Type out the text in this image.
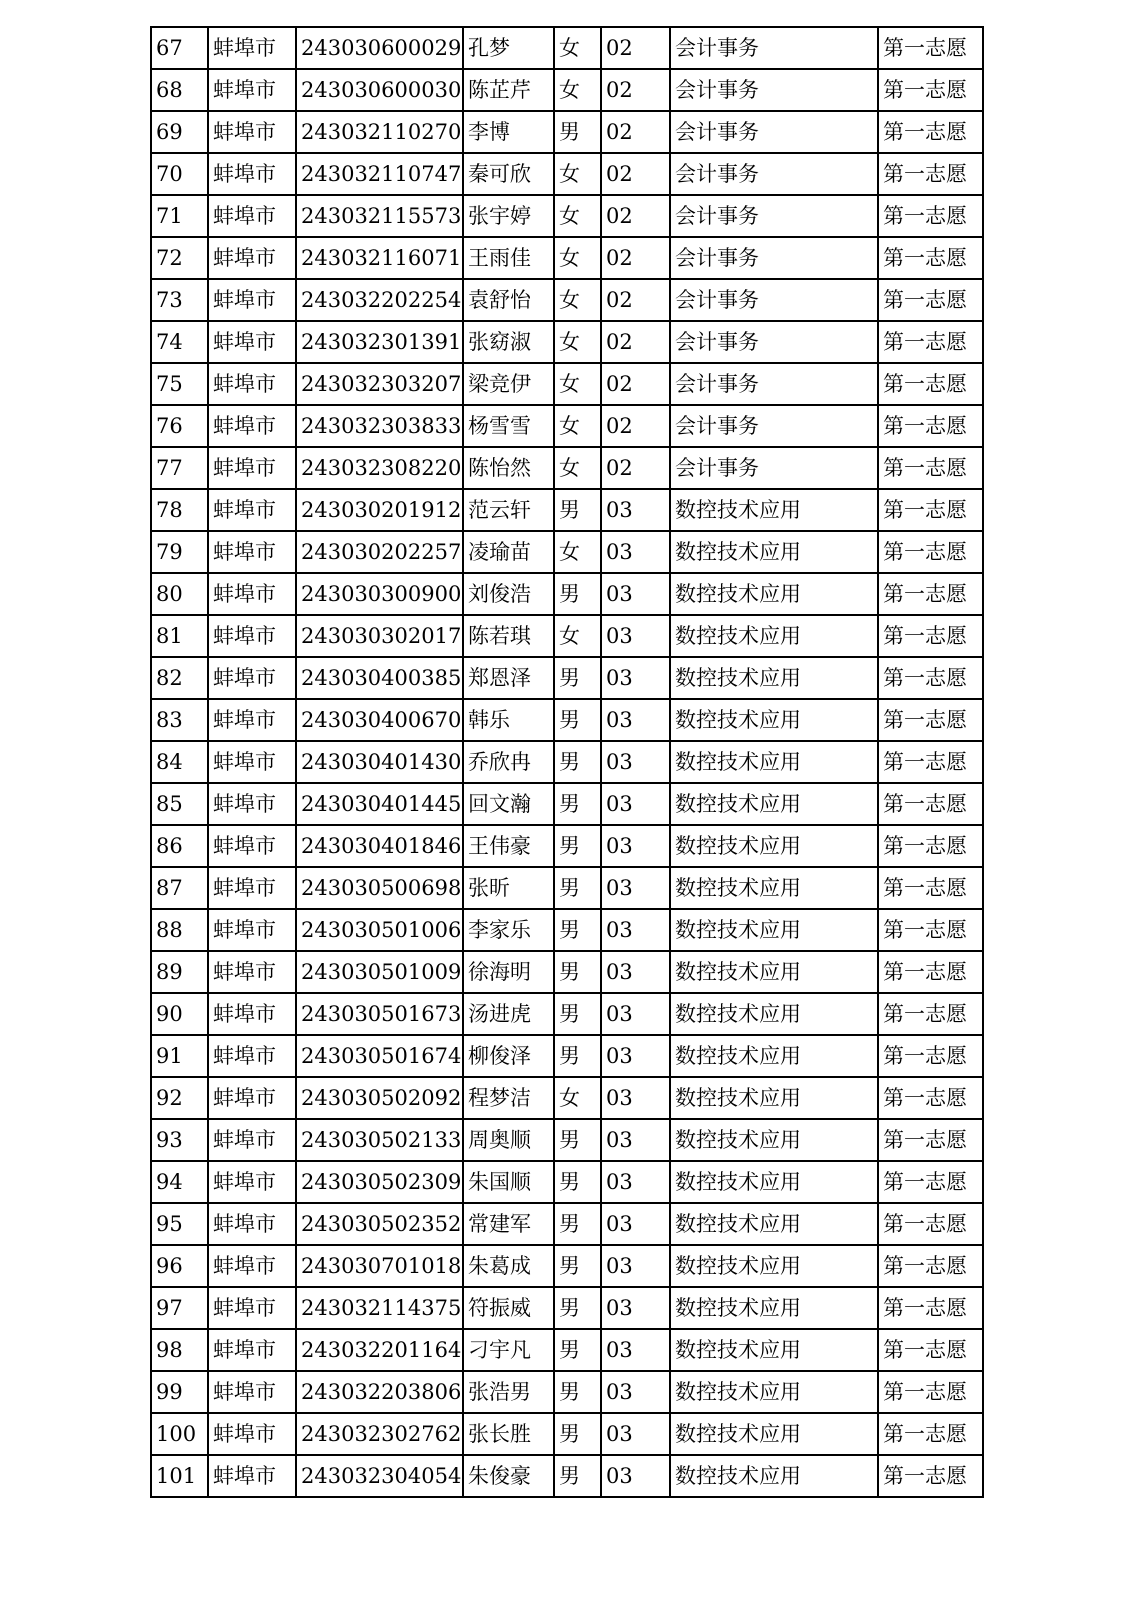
67	蚌埠市	243030600029	孔梦	女	02	会计事务	第一志愿
68	蚌埠市	243030600030	陈芷芹	女	02	会计事务	第一志愿
69	蚌埠市	243032110270	李博	男	02	会计事务	第一志愿
70	蚌埠市	243032110747	秦可欣	女	02	会计事务	第一志愿
71	蚌埠市	243032115573	张宇婷	女	02	会计事务	第一志愿
72	蚌埠市	243032116071	王雨佳	女	02	会计事务	第一志愿
73	蚌埠市	243032202254	袁舒怡	女	02	会计事务	第一志愿
74	蚌埠市	243032301391	张窈淑	女	02	会计事务	第一志愿
75	蚌埠市	243032303207	梁竞伊	女	02	会计事务	第一志愿
76	蚌埠市	243032303833	杨雪雪	女	02	会计事务	第一志愿
77	蚌埠市	243032308220	陈怡然	女	02	会计事务	第一志愿
78	蚌埠市	243030201912	范云轩	男	03	数控技术应用	第一志愿
79	蚌埠市	243030202257	凌瑜苗	女	03	数控技术应用	第一志愿
80	蚌埠市	243030300900	刘俊浩	男	03	数控技术应用	第一志愿
81	蚌埠市	243030302017	陈若琪	女	03	数控技术应用	第一志愿
82	蚌埠市	243030400385	郑恩泽	男	03	数控技术应用	第一志愿
83	蚌埠市	243030400670	韩乐	男	03	数控技术应用	第一志愿
84	蚌埠市	243030401430	乔欣冉	男	03	数控技术应用	第一志愿
85	蚌埠市	243030401445	回文瀚	男	03	数控技术应用	第一志愿
86	蚌埠市	243030401846	王伟豪	男	03	数控技术应用	第一志愿
87	蚌埠市	243030500698	张昕	男	03	数控技术应用	第一志愿
88	蚌埠市	243030501006	李家乐	男	03	数控技术应用	第一志愿
89	蚌埠市	243030501009	徐海明	男	03	数控技术应用	第一志愿
90	蚌埠市	243030501673	汤进虎	男	03	数控技术应用	第一志愿
91	蚌埠市	243030501674	柳俊泽	男	03	数控技术应用	第一志愿
92	蚌埠市	243030502092	程梦洁	女	03	数控技术应用	第一志愿
93	蚌埠市	243030502133	周奥顺	男	03	数控技术应用	第一志愿
94	蚌埠市	243030502309	朱国顺	男	03	数控技术应用	第一志愿
95	蚌埠市	243030502352	常建军	男	03	数控技术应用	第一志愿
96	蚌埠市	243030701018	朱葛成	男	03	数控技术应用	第一志愿
97	蚌埠市	243032114375	符振威	男	03	数控技术应用	第一志愿
98	蚌埠市	243032201164	刁宇凡	男	03	数控技术应用	第一志愿
99	蚌埠市	243032203806	张浩男	男	03	数控技术应用	第一志愿
100	蚌埠市	243032302762	张长胜	男	03	数控技术应用	第一志愿
101	蚌埠市	243032304054	朱俊豪	男	03	数控技术应用	第一志愿
